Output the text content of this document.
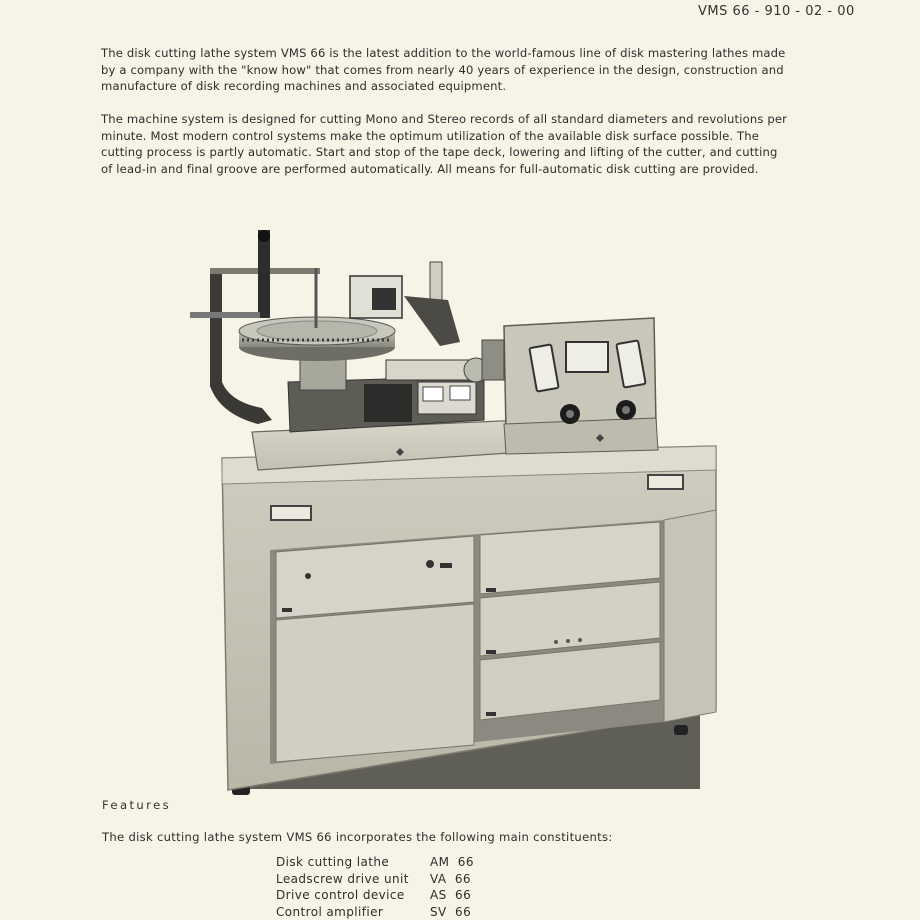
VMS 66 - 910 - 02 - 00

The disk cutting lathe system VMS 66 is the latest addition to the world-famous line of disk mastering lathes made
by a company with the "know how" that comes from nearly 40 years of experience in the design, construction and
manufacture of disk recording machines and associated equipment.

The machine system is designed for cutting Mono and Stereo records of all standard diameters and revolutions per
minute. Most modern control systems make the optimum utilization of the available disk surface possible. The
cutting process is partly automatic. Start and stop of the tape deck, lowering and lifting of the cutter, and cutting
of lead-in and final groove are performed automatically. All means for full-automatic disk cutting are provided.

Features
The disk cutting lathe system VMS 66 incorporates the following main constituents:
Disk cutting lathe	AM  66
Leadscrew drive unit	VA  66
Drive control device	AS  66
Control amplifier	SV  66
